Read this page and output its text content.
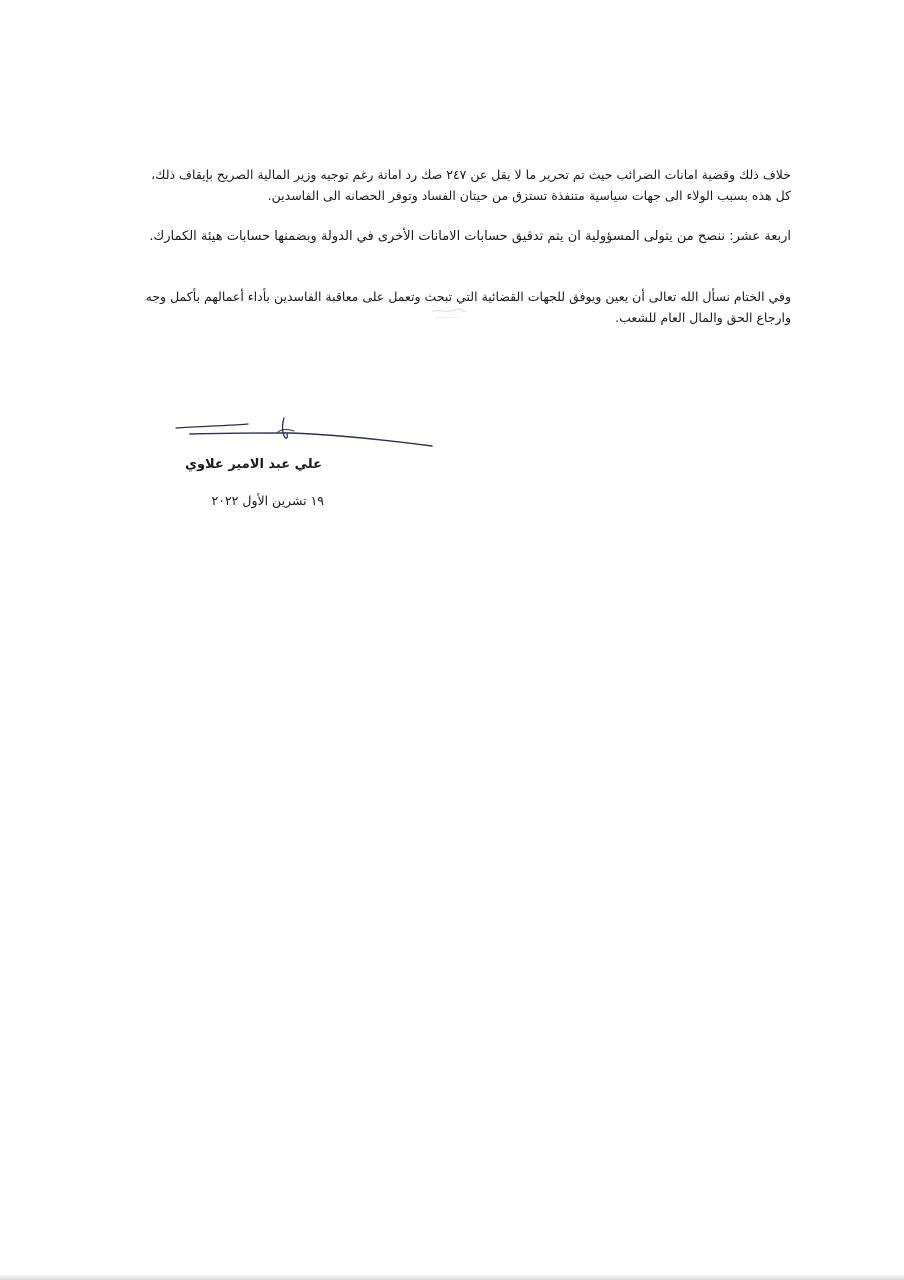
خلاف ذلك وقضية امانات الضرائب حيث تم تحرير ما لا يقل عن ٢٤٧ صك رد امانة رغم توجيه وزير المالية الصريح بإيقاف ذلك، كل هذه بسبب الولاء الى جهات سياسية متنفذة تستزق من حيتان الفساد وتوفر الحصانه الى الفاسدين.

اربعة عشر: ننصح من يتولى المسؤولية ان يتم تدقيق حسابات الامانات الأخرى في الدولة وبضمنها حسابات هيئة الكمارك.

وفي الختام نسأل الله تعالى أن يعين ويوفق للجهات القضائية التي تبحث وتعمل على معاقبة الفاسدين بأداء أعمالهم بأكمل وجه وارجاع الحق والمال العام للشعب.

علي عبد الامير علاوي

١٩ تشرين الأول ٢٠٢٢
